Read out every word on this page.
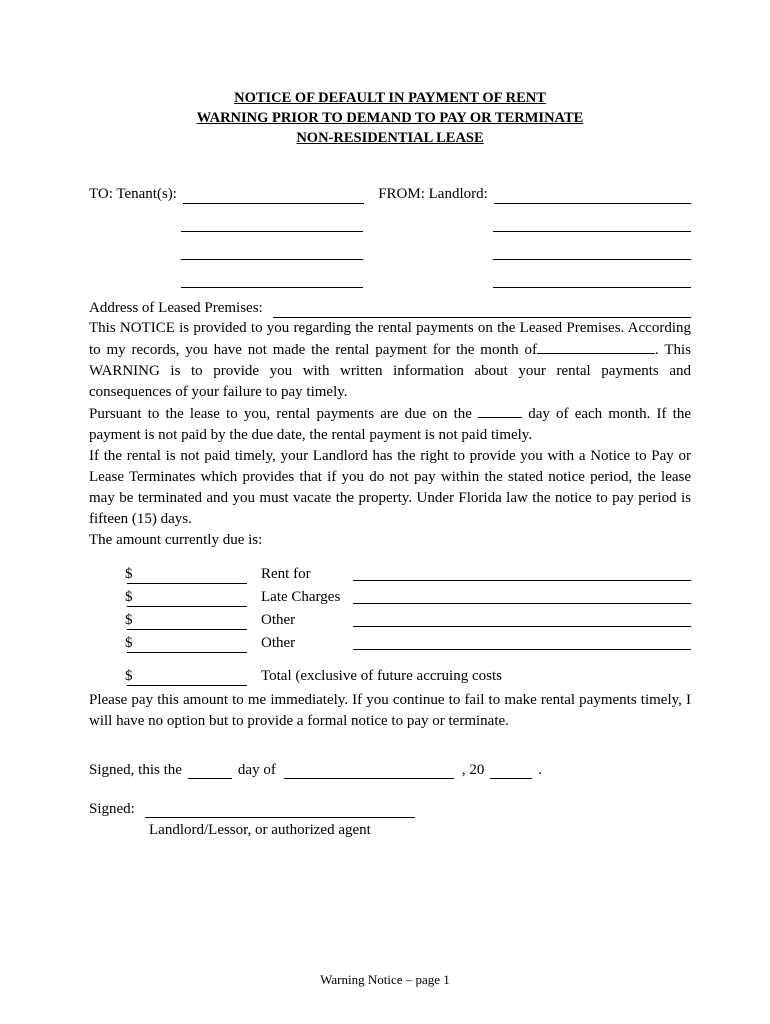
NOTICE OF DEFAULT IN PAYMENT OF RENT
WARNING PRIOR TO DEMAND TO PAY OR TERMINATE
NON-RESIDENTIAL LEASE
TO: Tenant(s):
	FROM: Landlord:

Address of Leased Premises:

This NOTICE is provided to you regarding the rental payments on the Leased Premises. According to my records, you have not made the rental payment for the month of	. This WARNING is to provide you with written information about your rental payments and consequences of your failure to pay timely.

Pursuant to the lease to you, rental payments are due on the	day of each month. If the payment is not paid by the due date, the rental payment is not paid timely.

If the rental is not paid timely, your Landlord has the right to provide you with a Notice to Pay or Lease Terminates which provides that if you do not pay within the stated notice period, the lease may be terminated and you must vacate the property. Under Florida law the notice to pay period is fifteen (15) days.

The amount currently due is:

$	Rent for
$	Late Charges
$	Other
$	Other
$	Total (exclusive of future accruing costs

Please pay this amount to me immediately. If you continue to fail to make rental payments timely, I will have no option but to provide a formal notice to pay or terminate.

Signed, this the	day of	, 20	.
Signed:
Landlord/Lessor, or authorized agent
Warning Notice – page 1
